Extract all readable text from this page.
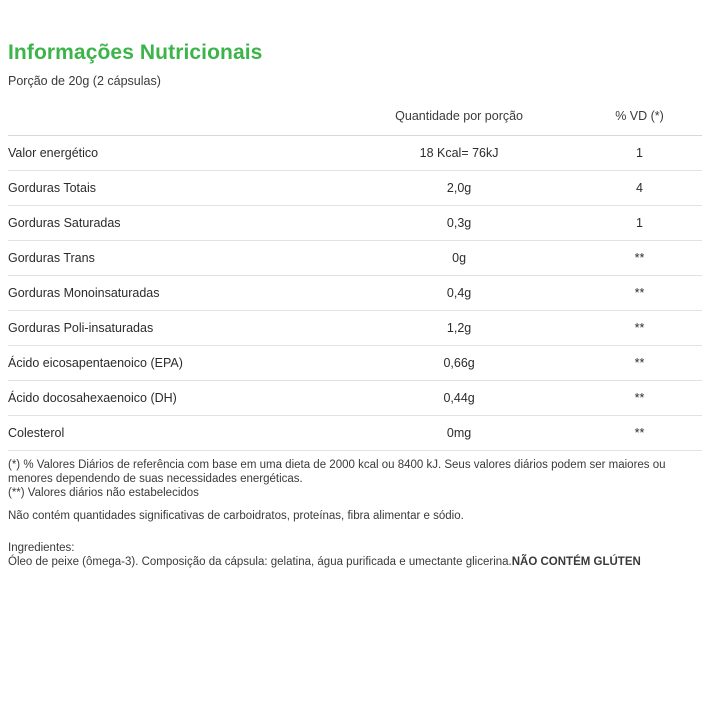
Informações Nutricionais

Porção de 20g (2 cápsulas)

	Quantidade por porção	% VD (*)
Valor energético	18 Kcal= 76kJ	1
Gorduras Totais	2,0g	4
Gorduras Saturadas	0,3g	1
Gorduras Trans	0g	**
Gorduras Monoinsaturadas	0,4g	**
Gorduras Poli-insaturadas	1,2g	**
Ácido eicosapentaenoico (EPA)	0,66g	**
Ácido docosahexaenoico (DH)	0,44g	**
Colesterol	0mg	**

(*) % Valores Diários de referência com base em uma dieta de 2000 kcal ou 8400 kJ. Seus valores diários podem ser maiores ou menores dependendo de suas necessidades energéticas.

(**) Valores diários não estabelecidos

Não contém quantidades significativas de carboidratos, proteínas, fibra alimentar e sódio.

Ingredientes:
Óleo de peixe (ômega-3). Composição da cápsula: gelatina, água purificada e umectante glicerina.NÃO CONTÉM GLÚTEN
